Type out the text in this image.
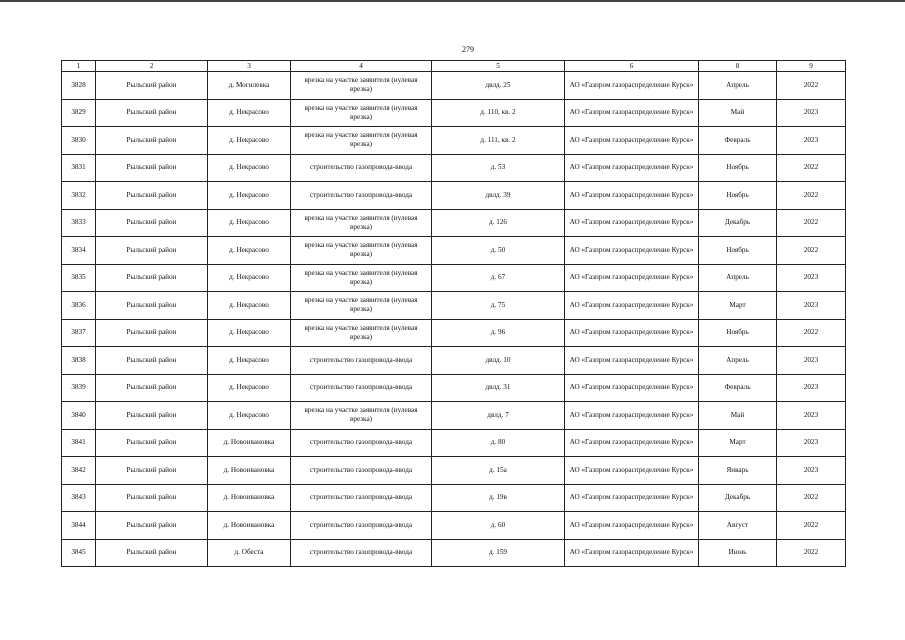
279
1	2	3	4	5	6	8	9
3828	Рыльский район	д. Могилевка	врезка на участке заявителя (нулевая врезка)	двлд. 25	АО «Газпром газораспределение Курск»	Апрель	2022
3829	Рыльский район	д. Некрасово	врезка на участке заявителя (нулевая врезка)	д. 110, кв. 2	АО «Газпром газораспределение Курск»	Май	2023
3830	Рыльский район	д. Некрасово	врезка на участке заявителя (нулевая врезка)	д. 111, кв. 2	АО «Газпром газораспределение Курск»	Февраль	2023
3831	Рыльский район	д. Некрасово	строительство газопровода-ввода	д. 53	АО «Газпром газораспределение Курск»	Ноябрь	2022
3832	Рыльский район	д. Некрасово	строительство газопровода-ввода	двлд. 39	АО «Газпром газораспределение Курск»	Ноябрь	2022
3833	Рыльский район	д. Некрасово	врезка на участке заявителя (нулевая врезка)	д. 126	АО «Газпром газораспределение Курск»	Декабрь	2022
3834	Рыльский район	д. Некрасово	врезка на участке заявителя (нулевая врезка)	д. 50	АО «Газпром газораспределение Курск»	Ноябрь	2022
3835	Рыльский район	д. Некрасово	врезка на участке заявителя (нулевая врезка)	д. 67	АО «Газпром газораспределение Курск»	Апрель	2023
3836	Рыльский район	д. Некрасово	врезка на участке заявителя (нулевая врезка)	д. 75	АО «Газпром газораспределение Курск»	Март	2023
3837	Рыльский район	д. Некрасово	врезка на участке заявителя (нулевая врезка)	д. 96	АО «Газпром газораспределение Курск»	Ноябрь	2022
3838	Рыльский район	д. Некрасово	строительство газопровода-ввода	двлд. 10	АО «Газпром газораспределение Курск»	Апрель	2023
3839	Рыльский район	д. Некрасово	строительство газопровода-ввода	двлд. 31	АО «Газпром газораспределение Курск»	Февраль	2023
3840	Рыльский район	д. Некрасово	врезка на участке заявителя (нулевая врезка)	двлд. 7	АО «Газпром газораспределение Курск»	Май	2023
3841	Рыльский район	д. Новоивановка	строительство газопровода-ввода	д. 80	АО «Газпром газораспределение Курск»	Март	2023
3842	Рыльский район	д. Новоивановка	строительство газопровода-ввода	д. 15а	АО «Газпром газораспределение Курск»	Январь	2023
3843	Рыльский район	д. Новоивановка	строительство газопровода-ввода	д. 19в	АО «Газпром газораспределение Курск»	Декабрь	2022
3844	Рыльский район	д. Новоивановка	строительство газопровода-ввода	д. 60	АО «Газпром газораспределение Курск»	Август	2022
3845	Рыльский район	д. Обеста	строительство газопровода-ввода	д. 159	АО «Газпром газораспределение Курск»	Июнь	2022
